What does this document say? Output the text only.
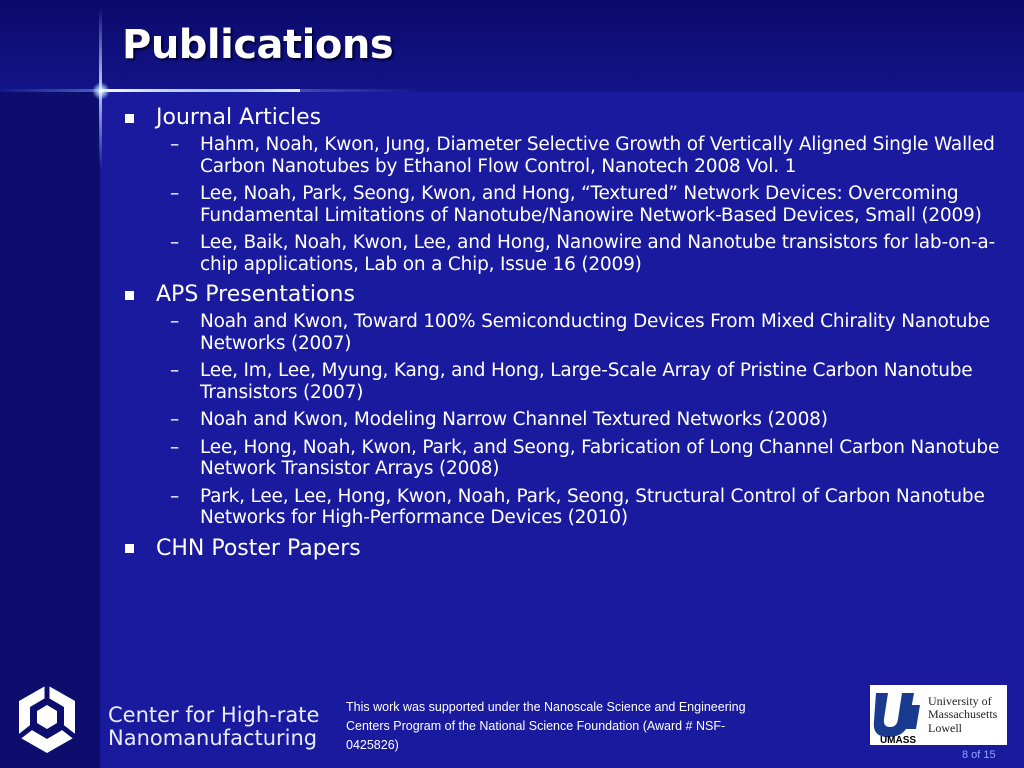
Publications
Journal Articles
–	Hahm, Noah, Kwon, Jung, Diameter Selective Growth of Vertically Aligned Single Walled Carbon Nanotubes by Ethanol Flow Control, Nanotech 2008 Vol. 1
–	Lee, Noah, Park, Seong, Kwon, and Hong, “Textured” Network Devices: Overcoming Fundamental Limitations of Nanotube/Nanowire Network-Based Devices, Small (2009)
–	Lee, Baik, Noah, Kwon, Lee, and Hong, Nanowire and Nanotube transistors for lab-on-a-chip applications, Lab on a Chip, Issue 16 (2009)
APS Presentations
–	Noah and Kwon, Toward 100% Semiconducting Devices From Mixed Chirality Nanotube Networks (2007)
–	Lee, Im, Lee, Myung, Kang, and Hong, Large-Scale Array of Pristine Carbon Nanotube Transistors (2007)
–	Noah and Kwon, Modeling Narrow Channel Textured Networks (2008)
–	Lee, Hong, Noah, Kwon, Park, and Seong, Fabrication of Long Channel Carbon Nanotube Network Transistor Arrays (2008)
–	Park, Lee, Lee, Hong, Kwon, Noah, Park, Seong, Structural Control of Carbon Nanotube Networks for High-Performance Devices (2010)
CHN Poster Papers
Center for High-rate
Nanomanufacturing
This work was supported under the Nanoscale Science and Engineering Centers Program of the National Science Foundation (Award # NSF-0425826)	UMASS
University of
Massachusetts
Lowell
8 of 15
